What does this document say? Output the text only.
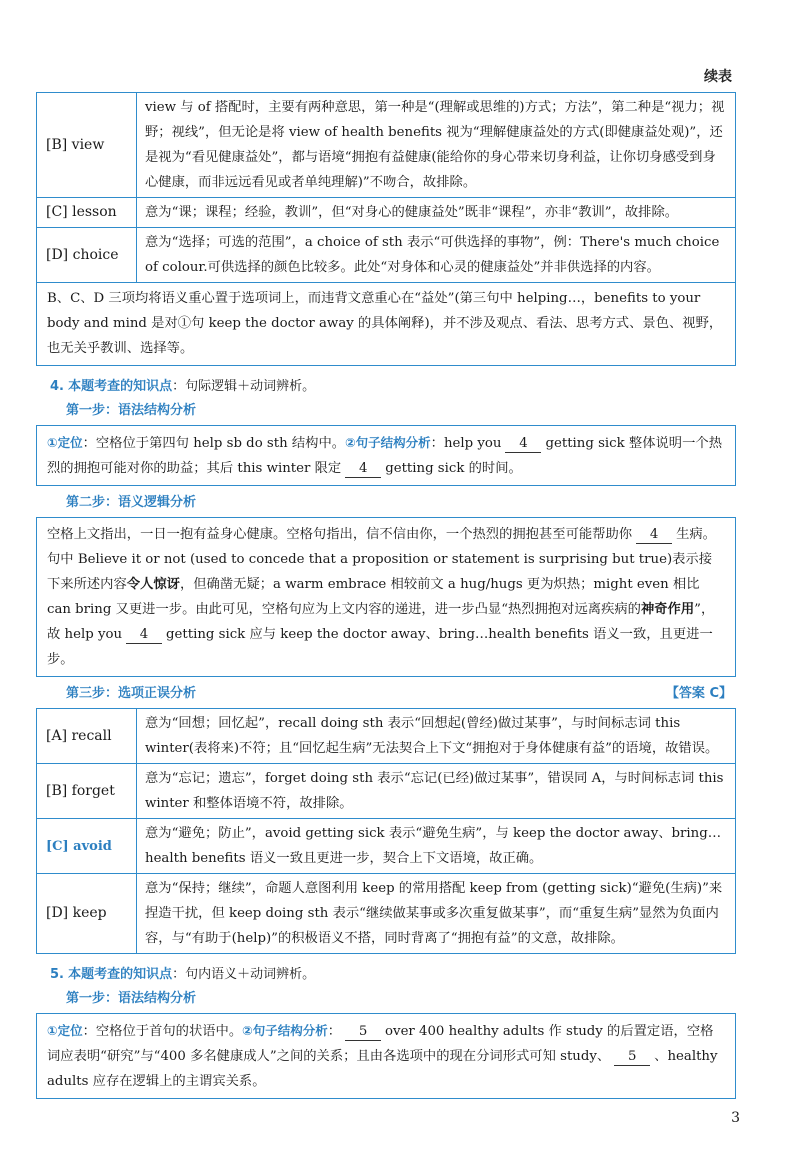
续表
[B] view	view 与 of 搭配时，主要有两种意思，第一种是“(理解或思维的)方式；方法”，第二种是“视力；视野；视线”，但无论是将 view of health benefits 视为“理解健康益处的方式(即健康益处观)”，还是视为“看见健康益处”，都与语境“拥抱有益健康(能给你的身心带来切身利益，让你切身感受到身心健康，而非远远看见或者单纯理解)”不吻合，故排除。
[C] lesson	意为“课；课程；经验，教训”，但“对身心的健康益处”既非“课程”，亦非“教训”，故排除。
[D] choice	意为“选择；可选的范围”，a choice of sth 表示“可供选择的事物”，例：There's much choice of colour.可供选择的颜色比较多。此处“对身体和心灵的健康益处”并非供选择的内容。
B、C、D 三项均将语义重心置于选项词上，而违背文意重心在“益处”(第三句中 helping…，benefits to your body and mind 是对①句 keep the doctor away 的具体阐释)，并不涉及观点、看法、思考方式、景色、视野，也无关乎教训、选择等。
4. 本题考查的知识点：句际逻辑＋动词辨析。
第一步：语法结构分析
①定位：空格位于第四句 help sb do sth 结构中。②句子结构分析：help you 4 getting sick 整体说明一个热烈的拥抱可能对你的助益；其后 this winter 限定 4 getting sick 的时间。
第二步：语义逻辑分析
空格上文指出，一日一抱有益身心健康。空格句指出，信不信由你，一个热烈的拥抱甚至可能帮助你 4 生病。句中 Believe it or not (used to concede that a proposition or statement is surprising but true)表示接下来所述内容令人惊讶，但确凿无疑；a warm embrace 相较前文 a hug/hugs 更为炽热；might even 相比 can bring 又更进一步。由此可见，空格句应为上文内容的递进，进一步凸显“热烈拥抱对远离疾病的神奇作用”，故 help you 4 getting sick 应与 keep the doctor away、bring…health benefits 语义一致，且更进一步。
第三步：选项正误分析	【答案 C】
[A] recall	意为“回想；回忆起”，recall doing sth 表示“回想起(曾经)做过某事”，与时间标志词 this winter(表将来)不符；且“回忆起生病”无法契合上下文“拥抱对于身体健康有益”的语境，故错误。
[B] forget	意为“忘记；遗忘”，forget doing sth 表示“忘记(已经)做过某事”，错误同 A，与时间标志词 this winter 和整体语境不符，故排除。
[C] avoid	意为“避免；防止”，avoid getting sick 表示“避免生病”，与 keep the doctor away、bring…health benefits 语义一致且更进一步，契合上下文语境，故正确。
[D] keep	意为“保持；继续”，命题人意图利用 keep 的常用搭配 keep from (getting sick)“避免(生病)”来捏造干扰，但 keep doing sth 表示“继续做某事或多次重复做某事”，而“重复生病”显然为负面内容，与“有助于(help)”的积极语义不搭，同时背离了“拥抱有益”的文意，故排除。
5. 本题考查的知识点：句内语义＋动词辨析。
第一步：语法结构分析
①定位：空格位于首句的状语中。②句子结构分析： 5 over 400 healthy adults 作 study 的后置定语，空格词应表明“研究”与“400 多名健康成人”之间的关系；且由各选项中的现在分词形式可知 study、 5 、healthy adults 应存在逻辑上的主谓宾关系。
3
